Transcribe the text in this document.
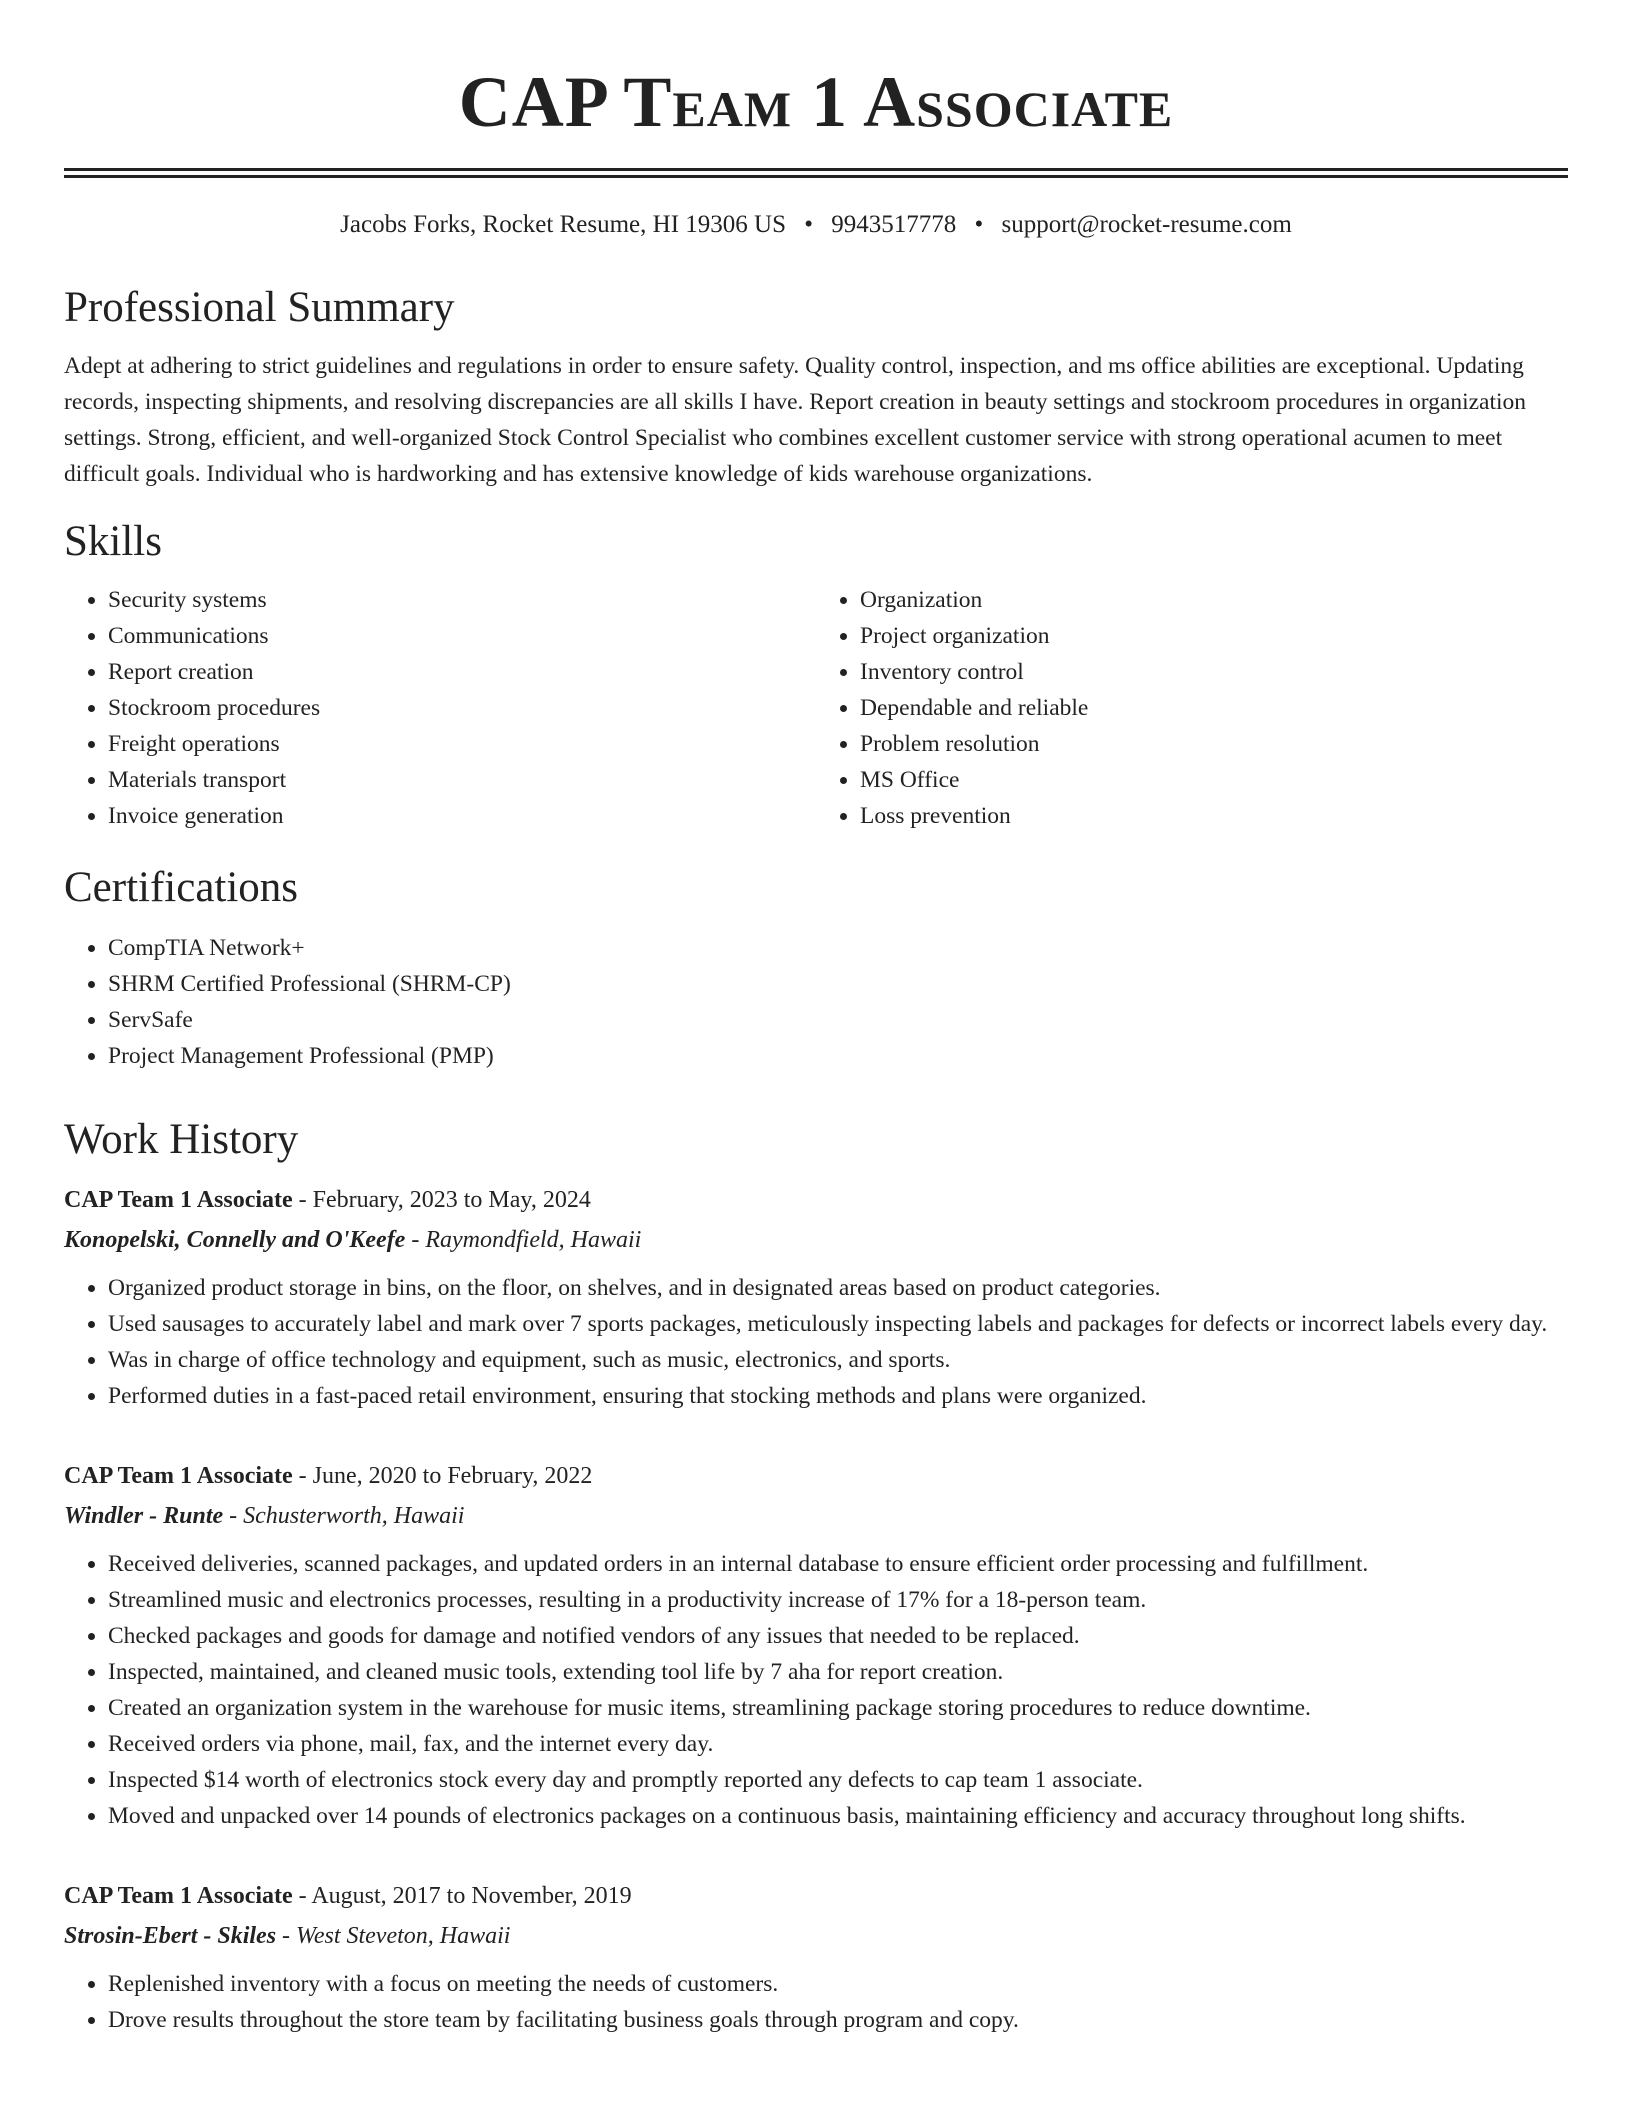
CAP Team 1 Associate
Jacobs Forks, Rocket Resume, HI 19306 US • 9943517778 • support@rocket-resume.com
Professional Summary

Adept at adhering to strict guidelines and regulations in order to ensure safety. Quality control, inspection, and ms office abilities are exceptional. Updating records, inspecting shipments, and resolving discrepancies are all skills I have. Report creation in beauty settings and stockroom procedures in organization settings. Strong, efficient, and well-organized Stock Control Specialist who combines excellent customer service with strong operational acumen to meet difficult goals. Individual who is hardworking and has extensive knowledge of kids warehouse organizations.

Skills
• Security systems
• Communications
• Report creation
• Stockroom procedures
• Freight operations
• Materials transport
• Invoice generation
• Organization
• Project organization
• Inventory control
• Dependable and reliable
• Problem resolution
• MS Office
• Loss prevention
Certifications
• CompTIA Network+
• SHRM Certified Professional (SHRM-CP)
• ServSafe
• Project Management Professional (PMP)
Work History
CAP Team 1 Associate - February, 2023 to May, 2024
Konopelski, Connelly and O'Keefe - Raymondfield, Hawaii
• Organized product storage in bins, on the floor, on shelves, and in designated areas based on product categories.
• Used sausages to accurately label and mark over 7 sports packages, meticulously inspecting labels and packages for defects or incorrect labels every day.
• Was in charge of office technology and equipment, such as music, electronics, and sports.
• Performed duties in a fast-paced retail environment, ensuring that stocking methods and plans were organized.
CAP Team 1 Associate - June, 2020 to February, 2022
Windler - Runte - Schusterworth, Hawaii
• Received deliveries, scanned packages, and updated orders in an internal database to ensure efficient order processing and fulfillment.
• Streamlined music and electronics processes, resulting in a productivity increase of 17% for a 18-person team.
• Checked packages and goods for damage and notified vendors of any issues that needed to be replaced.
• Inspected, maintained, and cleaned music tools, extending tool life by 7 aha for report creation.
• Created an organization system in the warehouse for music items, streamlining package storing procedures to reduce downtime.
• Received orders via phone, mail, fax, and the internet every day.
• Inspected $14 worth of electronics stock every day and promptly reported any defects to cap team 1 associate.
• Moved and unpacked over 14 pounds of electronics packages on a continuous basis, maintaining efficiency and accuracy throughout long shifts.
CAP Team 1 Associate - August, 2017 to November, 2019
Strosin-Ebert - Skiles - West Steveton, Hawaii
• Replenished inventory with a focus on meeting the needs of customers.
• Drove results throughout the store team by facilitating business goals through program and copy.
